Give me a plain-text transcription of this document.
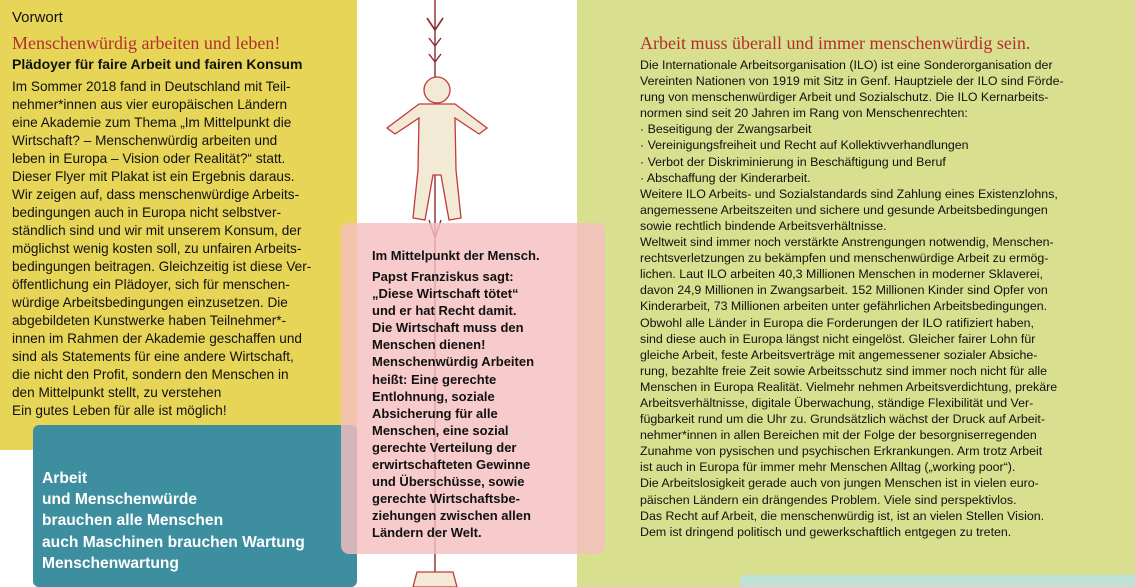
Vorwort
Menschenwürdig arbeiten und leben!
Plädoyer für faire Arbeit und fairen Konsum
Im Sommer 2018 fand in Deutschland mit Teil-
nehmer*innen aus vier europäischen Ländern
eine Akademie zum Thema „Im Mittelpunkt die
Wirtschaft? – Menschenwürdig arbeiten und
leben in Europa – Vision oder Realität?“ statt.
Dieser Flyer mit Plakat ist ein Ergebnis daraus.
Wir zeigen auf, dass menschenwürdige Arbeits-
bedingungen auch in Europa nicht selbstver-
ständlich sind und wir mit unserem Konsum, der
möglichst wenig kosten soll, zu unfairen Arbeits-
bedingungen beitragen. Gleichzeitig ist diese Ver-
öffentlichung ein Plädoyer, sich für menschen-
würdige Arbeitsbedingungen einzusetzen. Die
abgebildeten Kunstwerke haben Teilnehmer*-
innen im Rahmen der Akademie geschaffen und
sind als Statements für eine andere Wirtschaft,
die nicht den Profit, sondern den Menschen in
den Mittelpunkt stellt, zu verstehen
Ein gutes Leben für alle ist möglich!
Arbeit
und Menschenwürde
brauchen alle Menschen
auch Maschinen brauchen Wartung
Menschenwartung
Im Mittelpunkt der Mensch.
Papst Franziskus sagt:
„Diese Wirtschaft tötet“
und er hat Recht damit.
Die Wirtschaft muss den
Menschen dienen!
Menschenwürdig Arbeiten
heißt: Eine gerechte
Entlohnung, soziale
Absicherung für alle
Menschen, eine sozial
gerechte Verteilung der
erwirtschafteten Gewinne
und Überschüsse, sowie
gerechte Wirtschaftsbe-
ziehungen zwischen allen
Ländern der Welt.
Arbeit muss überall und immer menschenwürdig sein.
Die Internationale Arbeitsorganisation (ILO) ist eine Sonderorganisation der
Vereinten Nationen von 1919 mit Sitz in Genf. Hauptziele der ILO sind Förde-
rung von menschenwürdiger Arbeit und Sozialschutz. Die ILO Kernarbeits-
normen sind seit 20 Jahren im Rang von Menschenrechten:
· Beseitigung der Zwangsarbeit
· Vereinigungsfreiheit und Recht auf Kollektivverhandlungen
· Verbot der Diskriminierung in Beschäftigung und Beruf
· Abschaffung der Kinderarbeit.
Weitere ILO Arbeits- und Sozialstandards sind Zahlung eines Existenzlohns,
angemessene Arbeitszeiten und sichere und gesunde Arbeitsbedingungen
sowie rechtlich bindende Arbeitsverhältnisse.
Weltweit sind immer noch verstärkte Anstrengungen notwendig, Menschen-
rechtsverletzungen zu bekämpfen und menschenwürdige Arbeit zu ermög-
lichen. Laut ILO arbeiten 40,3 Millionen Menschen in moderner Sklaverei,
davon 24,9 Millionen in Zwangsarbeit. 152 Millionen Kinder sind Opfer von
Kinderarbeit, 73 Millionen arbeiten unter gefährlichen Arbeitsbedingungen.
Obwohl alle Länder in Europa die Forderungen der ILO ratifiziert haben,
sind diese auch in Europa längst nicht eingelöst. Gleicher fairer Lohn für
gleiche Arbeit, feste Arbeitsverträge mit angemessener sozialer Absiche-
rung, bezahlte freie Zeit sowie Arbeitsschutz sind immer noch nicht für alle
Menschen in Europa Realität. Vielmehr nehmen Arbeitsverdichtung, prekäre
Arbeitsverhältnisse, digitale Überwachung, ständige Flexibilität und Ver-
fügbarkeit rund um die Uhr zu. Grundsätzlich wächst der Druck auf Arbeit-
nehmer*innen in allen Bereichen mit der Folge der besorgniserregenden
Zunahme von pysischen und psychischen Erkrankungen. Arm trotz Arbeit
ist auch in Europa für immer mehr Menschen Alltag („working poor“).
Die Arbeitslosigkeit gerade auch von jungen Menschen ist in vielen euro-
päischen Ländern ein drängendes Problem. Viele sind perspektivlos.
Das Recht auf Arbeit, die menschenwürdig ist, ist an vielen Stellen Vision.
Dem ist dringend politisch und gewerkschaftlich entgegen zu treten.
